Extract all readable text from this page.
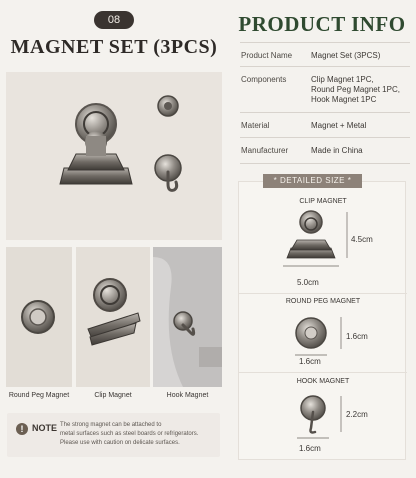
08
MAGNET SET (3PCS)
Round Peg Magnet	Clip Magnet	Hook Magnet
! NOTE The strong magnet can be attached to
metal surfaces such as steel boards or refrigerators.
Please use with caution on delicate surfaces.
PRODUCT INFO
Product Name Magnet Set (3PCS)
Components	Clip Magnet 1PC,
Round Peg Magnet 1PC,
Hook Magnet 1PC
Material	Magnet + Metal
Manufacturer	Made in China
CLIP MAGNET
4.5cm
5.0cm
ROUND PEG MAGNET
1.6cm
1.6cm
HOOK MAGNET
2.2cm
1.6cm
* DETAILED SIZE *
